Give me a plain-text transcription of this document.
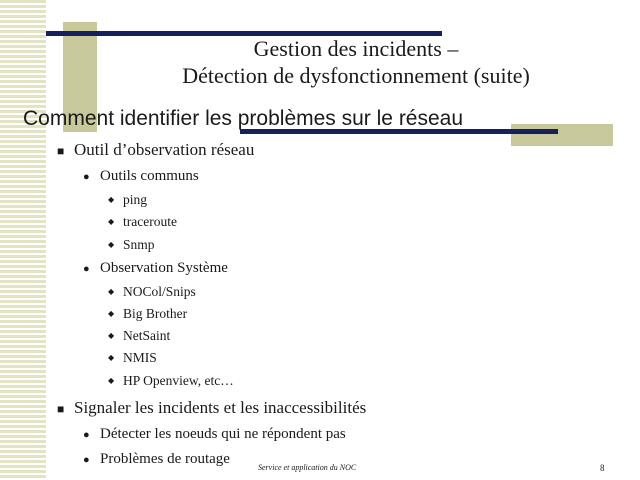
Gestion des incidents –
Détection de dysfonctionnement (suite)
Comment identifier les problèmes sur le réseau
■ Outil d’observation réseau
● Outils communs
◆ ping
◆ traceroute
◆ Snmp
● Observation Système
◆ NOCol/Snips
◆ Big Brother
◆ NetSaint
◆ NMIS
◆ HP Openview, etc…
■ Signaler les incidents et les inaccessibilités
● Détecter les noeuds qui ne répondent pas
● Problèmes de routage
Service et application du NOC	8
